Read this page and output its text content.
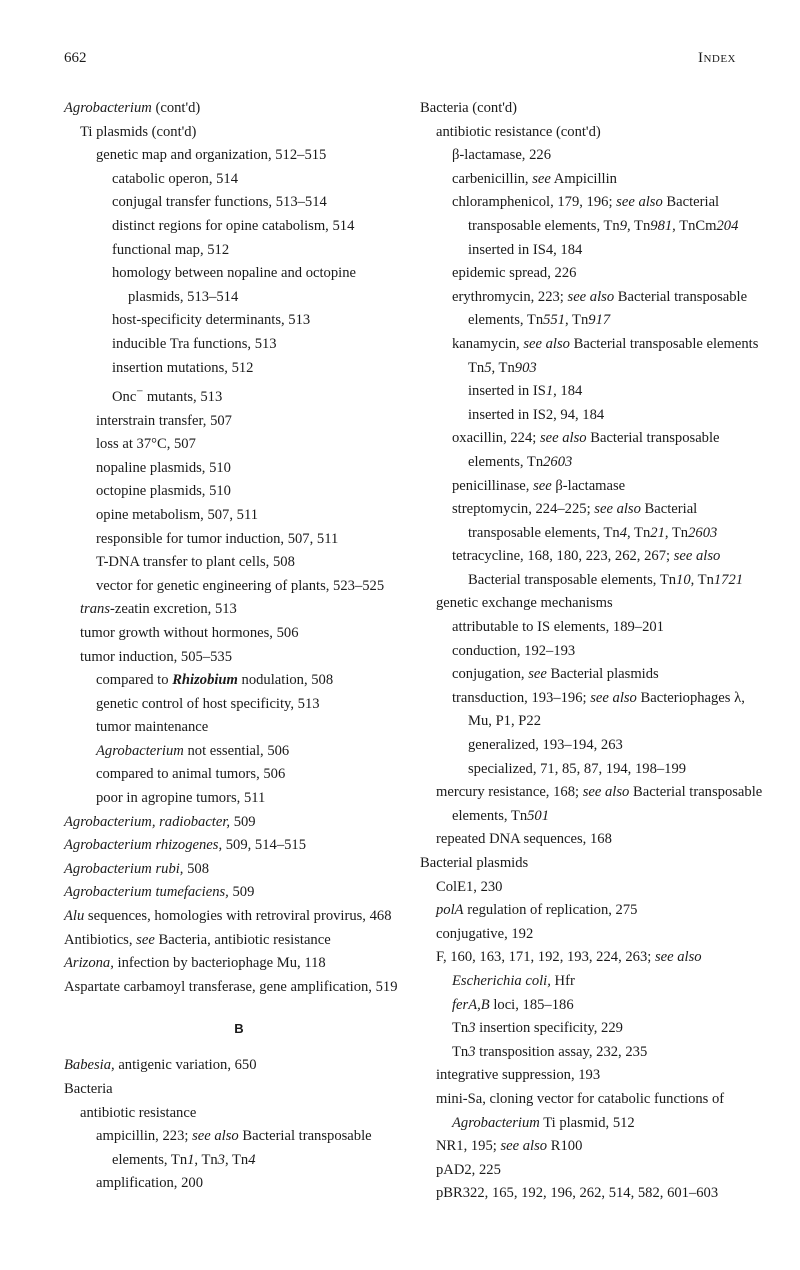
662	Index
Agrobacterium (cont'd)
Ti plasmids (cont'd)
genetic map and organization, 512–515
catabolic operon, 514
conjugal transfer functions, 513–514
distinct regions for opine catabolism, 514
functional map, 512
homology between nopaline and octopine plasmids, 513–514
host-specificity determinants, 513
inducible Tra functions, 513
insertion mutations, 512
Onc− mutants, 513
interstrain transfer, 507
loss at 37°C, 507
nopaline plasmids, 510
octopine plasmids, 510
opine metabolism, 507, 511
responsible for tumor induction, 507, 511
T-DNA transfer to plant cells, 508
vector for genetic engineering of plants, 523–525
trans-zeatin excretion, 513
tumor growth without hormones, 506
tumor induction, 505–535
compared to Rhizobium nodulation, 508
genetic control of host specificity, 513
tumor maintenance
Agrobacterium not essential, 506
compared to animal tumors, 506
poor in agropine tumors, 511
Agrobacterium, radiobacter, 509
Agrobacterium rhizogenes, 509, 514–515
Agrobacterium rubi, 508
Agrobacterium tumefaciens, 509
Alu sequences, homologies with retroviral provirus, 468
Antibiotics, see Bacteria, antibiotic resistance
Arizona, infection by bacteriophage Mu, 118
Aspartate carbamoyl transferase, gene amplification, 519
B
Babesia, antigenic variation, 650
Bacteria
antibiotic resistance
ampicillin, 223; see also Bacterial transposable elements, Tn1, Tn3, Tn4
amplification, 200
Bacteria (cont'd)
antibiotic resistance (cont'd)
β-lactamase, 226
carbenicillin, see Ampicillin
chloramphenicol, 179, 196; see also Bacterial transposable elements, Tn9, Tn981, TnCm204
inserted in IS4, 184
epidemic spread, 226
erythromycin, 223; see also Bacterial transposable elements, Tn551, Tn917
kanamycin, see also Bacterial transposable elements Tn5, Tn903
inserted in IS1, 184
inserted in IS2, 94, 184
oxacillin, 224; see also Bacterial transposable elements, Tn2603
penicillinase, see β-lactamase
streptomycin, 224–225; see also Bacterial transposable elements, Tn4, Tn21, Tn2603
tetracycline, 168, 180, 223, 262, 267; see also Bacterial transposable elements, Tn10, Tn1721
genetic exchange mechanisms
attributable to IS elements, 189–201
conduction, 192–193
conjugation, see Bacterial plasmids
transduction, 193–196; see also Bacteriophages λ, Mu, P1, P22
generalized, 193–194, 263
specialized, 71, 85, 87, 194, 198–199
mercury resistance, 168; see also Bacterial transposable elements, Tn501
repeated DNA sequences, 168
Bacterial plasmids
ColE1, 230
polA regulation of replication, 275
conjugative, 192
F, 160, 163, 171, 192, 193, 224, 263; see also Escherichia coli, Hfr
ferA,B loci, 185–186
Tn3 insertion specificity, 229
Tn3 transposition assay, 232, 235
integrative suppression, 193
mini-Sa, cloning vector for catabolic functions of Agrobacterium Ti plasmid, 512
NR1, 195; see also R100
pAD2, 225
pBR322, 165, 192, 196, 262, 514, 582, 601–603
